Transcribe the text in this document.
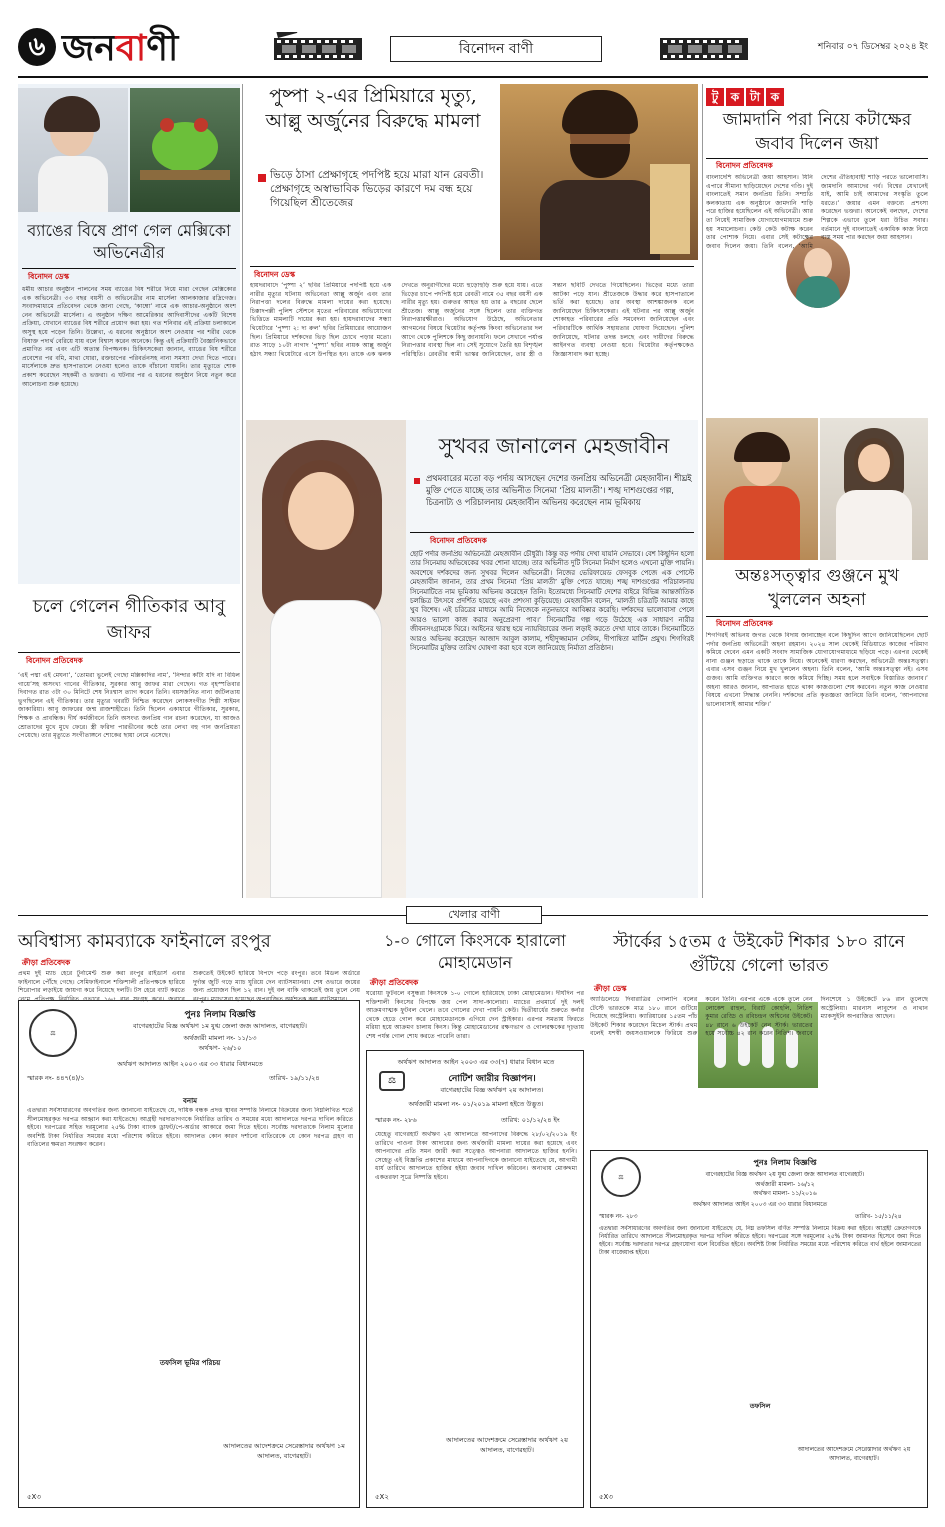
৬ জনবাণী	বিনোদন বাণী	শনিবার ০৭ ডিসেম্বর ২০২৪ ইং
ব্যাঙের বিষে প্রাণ গেল মেক্সিকো অভিনেত্রীর
বিনোদন ডেস্ক
ধর্মীয় আচার অনুষ্ঠান পালনের সময় ব্যাঙের বিষ শরীরে নিয়ে মারা গেছেন মেক্সিকোর এক অভিনেত্রী। ৩৩ বছর বয়সী ও অভিনেত্রীর নাম মার্সেলা আলকাজার রদ্রিগেজ। সংবাদমাধ্যমে প্রতিবেদন থেকে জানা গেছে, ‘কাম্বো’ নামে এক আচার-অনুষ্ঠানে অংশ নেন অভিনেত্রী মার্সেলা। এ অনুষ্ঠান দক্ষিণ আমেরিকার আদিবাসীদের একটি বিশেষ প্রক্রিয়া, যেখানে ব্যাঙের বিষ শরীরে প্রয়োগ করা হয়। গত শনিবার এই প্রক্রিয়া চলাকালে অসুস্থ হয়ে পড়েন তিনি। উল্লেখ্য, এ ধরনের অনুষ্ঠানে অংশ নেওয়ার পর শরীর থেকে বিষাক্ত পদার্থ বেরিয়ে যায় বলে বিশ্বাস করেন অনেকে। কিন্তু এই প্রক্রিয়াটি বৈজ্ঞানিকভাবে প্রমাণিত নয় এবং এটি অত্যন্ত বিপজ্জনক। চিকিৎসকেরা জানান, ব্যাঙের বিষ শরীরে প্রবেশের পর বমি, মাথা ঘোরা, রক্তচাপের পরিবর্তনসহ নানা সমস্যা দেখা দিতে পারে। মার্সেলাকে দ্রুত হাসপাতালে নেওয়া হলেও তাকে বাঁচানো যায়নি। তার মৃত্যুতে শোক প্রকাশ করেছেন সহকর্মী ও ভক্তরা। এ ঘটনার পর এ ধরনের অনুষ্ঠান নিয়ে নতুন করে আলোচনা শুরু হয়েছে।
চলে গেলেন গীতিকার আবু জাফর
বিনোদন প্রতিবেদক
‘এই পদ্মা এই মেঘনা’, ‘তোমরা ভুলেই গেছো মল্লিকাদির নাম’, ‘নিন্দার কাঁটা যদি না বিঁধিল গায়ে’সহ অসংখ্য গানের গীতিকার, সুরকার আবু জাফর মারা গেছেন। গত বৃহস্পতিবার দিবাগত রাত ৩টা ৩০ মিনিটে শেষ নিঃশ্বাস ত্যাগ করেন তিনি। বয়সজনিত নানা জটিলতায় ভুগছিলেন এই গীতিকার। তার মৃত্যুর খবরটি নিশ্চিত করেছেন লোকসংগীত শিল্পী সাইমন জাকারিয়া। আবু জাফরের জন্ম রাজশাহীতে। তিনি ছিলেন একাধারে গীতিকার, সুরকার, শিক্ষক ও প্রাবন্ধিক। দীর্ঘ কর্মজীবনে তিনি অসংখ্য জনপ্রিয় গান রচনা করেছেন, যা আজও শ্রোতাদের মুখে মুখে ফেরে। স্ত্রী ফরিদা পারভীনের কণ্ঠে তার লেখা বহু গান জনপ্রিয়তা পেয়েছে। তার মৃত্যুতে সংগীতাঙ্গনে শোকের ছায়া নেমে এসেছে।
পুষ্পা ২-এর প্রিমিয়ারে মৃত্যু, আল্লু অর্জুনের বিরুদ্ধে মামলা
ভিড়ে ঠাসা প্রেক্ষাগৃহে পদপিষ্ট হয়ে মারা যান রেবতী। প্রেক্ষাগৃহে অস্বাভাবিক ভিড়ের কারণে দম বন্ধ হয়ে গিয়েছিল শ্রীতেজের
বিনোদন ডেস্ক
হায়দরাবাদে ‘পুষ্পা ২’ ছবির প্রিমিয়ারে পদপিষ্ট হয়ে এক নারীর মৃত্যুর ঘটনায় অভিনেতা আল্লু অর্জুন এবং তার নিরাপত্তা দলের বিরুদ্ধে মামলা দায়ের করা হয়েছে। চিক্কাদপল্লী পুলিশ স্টেশনে মৃতের পরিবারের অভিযোগের ভিত্তিতে মামলাটি দায়ের করা হয়। হায়দরাবাদের সন্ধ্যা থিয়েটারে ‘পুষ্পা ২: দ্য রুল’ ছবির প্রিমিয়ারের আয়োজন ছিল। প্রিমিয়ারে দর্শকদের ভিড় ছিল চোখে পড়ার মতো। রাত সাড়ে ১০টা নাগাদ ‘পুষ্পা’ ছবির নায়ক আল্লু অর্জুন হঠাৎ সন্ধ্যা থিয়েটারে এসে উপস্থিত হন। তাকে এক ঝলক দেখতে অনুরাগীদের মধ্যে হুড়োহুড়ি শুরু হয়ে যায়। এতে ভিড়ের চাপে পদপিষ্ট হয়ে রেবতী নামে ৩৫ বছর বয়সী এক নারীর মৃত্যু হয়। গুরুতর আহত হয় তার ৯ বছরের ছেলে শ্রীতেজ। আল্লু অর্জুনের সঙ্গে ছিলেন তার ব্যক্তিগত নিরাপত্তারক্ষীরাও। অভিযোগ উঠেছে, অভিনেতার আগমনের বিষয়ে থিয়েটার কর্তৃপক্ষ কিংবা অভিনেতার দল আগে থেকে পুলিশকে কিছু জানায়নি। ফলে সেখানে পর্যাপ্ত নিরাপত্তার ব্যবস্থা ছিল না। সেই সুযোগে তৈরি হয় বিশৃঙ্খল পরিস্থিতি। রেবতীর স্বামী ভাস্কর জানিয়েছেন, তার স্ত্রী ও সন্তান ছবিটি দেখতে গিয়েছিলেন। ভিড়ের মধ্যে তারা আটকা পড়ে যান। শ্রীতেজকে উদ্ধার করে হাসপাতালে ভর্তি করা হয়েছে। তার অবস্থা আশঙ্কাজনক বলে জানিয়েছেন চিকিৎসকেরা। এই ঘটনার পর আল্লু অর্জুন শোকাহত পরিবারের প্রতি সমবেদনা জানিয়েছেন এবং পরিবারটিকে আর্থিক সহায়তার ঘোষণা দিয়েছেন। পুলিশ জানিয়েছে, ঘটনার তদন্ত চলছে এবং দায়ীদের বিরুদ্ধে আইনগত ব্যবস্থা নেওয়া হবে। থিয়েটার কর্তৃপক্ষকেও জিজ্ঞাসাবাদ করা হচ্ছে।
সুখবর জানালেন মেহজাবীন
প্রথমবারের মতো বড় পর্দায় আসছেন দেশের জনপ্রিয় অভিনেত্রী মেহজাবীন। শীঘ্রই মুক্তি পেতে যাচ্ছে তার অভিনীত সিনেমা ‘প্রিয় মালতী’। শঙ্খ দাশগুপ্তের গল্প, চিত্রনাট্য ও পরিচালনায় মেহজাবীন অভিনয় করেছেন নাম ভূমিকায়
বিনোদন প্রতিবেদক
ছোট পর্দার জনপ্রিয় অভিনেত্রী মেহজাবীন চৌধুরী। কিন্তু বড় পর্দায় দেখা যায়নি সেভাবে। বেশ কিছুদিন হলো তার সিনেমায় অভিষেকের খবর শোনা যাচ্ছে। তার অভিনীত দুটি সিনেমা নির্মাণ হলেও এখনো মুক্তি পায়নি। অবশেষে দর্শকদের জন্য সুখবর দিলেন অভিনেত্রী। নিজের ভেরিফায়েড ফেসবুক পেজে এক পোস্টে মেহজাবীন জানান, তার প্রথম সিনেমা ‘প্রিয় মালতী’ মুক্তি পেতে যাচ্ছে। শঙ্খ দাশগুপ্তের পরিচালনায় সিনেমাটিতে নাম ভূমিকায় অভিনয় করেছেন তিনি। ইতোমধ্যে সিনেমাটি দেশের বাইরে বিভিন্ন আন্তর্জাতিক চলচ্চিত্র উৎসবে প্রদর্শিত হয়েছে এবং প্রশংসা কুড়িয়েছে। মেহজাবীন বলেন, ‘মালতী চরিত্রটি আমার কাছে খুব বিশেষ। এই চরিত্রের মাধ্যমে আমি নিজেকে নতুনভাবে আবিষ্কার করেছি। দর্শকদের ভালোবাসা পেলে আরও ভালো কাজ করার অনুপ্রেরণা পাব।’ সিনেমাটির গল্প গড়ে উঠেছে এক সাধারণ নারীর জীবনসংগ্রামকে ঘিরে। আইনের দ্বারস্থ হয়ে ন্যায়বিচারের জন্য লড়াই করতে দেখা যাবে তাকে। সিনেমাটিতে আরও অভিনয় করেছেন আজাদ আবুল কালাম, শহীদুজ্জামান সেলিম, দীপান্বিতা মার্টিন প্রমুখ। শিগগিরই সিনেমাটির মুক্তির তারিখ ঘোষণা করা হবে বলে জানিয়েছে নির্মাতা প্রতিষ্ঠান।
টু ক টা ক
জামদানি পরা নিয়ে কটাক্ষের জবাব দিলেন জয়া
বিনোদন প্রতিবেদক
বাংলাদেশি অভিনেত্রী জয়া আহসান। যিনি এপারে সীমানা ছাড়িয়েছেন দেশের গণ্ডি। দুই বাংলাতেই সমান জনপ্রিয় তিনি। সম্প্রতি কলকাতায় এক অনুষ্ঠানে জামদানি শাড়ি পরে হাজির হয়েছিলেন এই অভিনেত্রী। আর তা নিয়েই সামাজিক যোগাযোগমাধ্যমে শুরু হয় সমালোচনা। কেউ কেউ কটাক্ষ করেন তার পোশাক নিয়ে। এবার সেই কটাক্ষের জবাব দিলেন জয়া। তিনি বলেন, ‘আমি দেশের ঐতিহ্যবাহী শাড়ি পরতে ভালোবাসি। জামদানি আমাদের গর্ব। বিশ্বের যেখানেই যাই, আমি চাই আমাদের সংস্কৃতি তুলে ধরতে।’ জয়ার এমন বক্তব্যে প্রশংসা করেছেন ভক্তরা। অনেকেই বলছেন, দেশের শিল্পকে এভাবে তুলে ধরা উচিত সবার। বর্তমানে দুই বাংলাতেই একাধিক কাজ নিয়ে ব্যস্ত সময় পার করছেন জয়া আহসান।
অন্তঃসত্ত্বার গুঞ্জনে মুখ খুললেন অহনা
বিনোদন প্রতিবেদক
শিগগিরই অভিনয় জগত থেকে বিদায় জানাচ্ছেন বলে কিছুদিন আগে জানিয়েছিলেন ছোট পর্দার জনপ্রিয় অভিনেত্রী অহনা রহমান। ২০২৪ সাল থেকেই মিডিয়াতে কাজের পরিমাণ কমিয়ে দেবেন এমন একটি সংবাদ সামাজিক যোগাযোগমাধ্যমে ছড়িয়ে পড়ে। এরপর থেকেই নানা গুঞ্জন ছড়াতে থাকে তাকে নিয়ে। অনেকেই ধারণা করছেন, অভিনেত্রী অন্তঃসত্ত্বা। এবার এসব গুঞ্জন নিয়ে মুখ খুললেন অহনা। তিনি বলেন, ‘আমি অন্তঃসত্ত্বা নই। এসব গুজব। আমি ব্যক্তিগত কারণে কাজ কমিয়ে দিচ্ছি। সময় হলে সবাইকে বিস্তারিত জানাব।’ অহনা আরও জানান, আপাতত হাতে থাকা কাজগুলো শেষ করবেন। নতুন কাজ নেওয়ার বিষয়ে এখনো সিদ্ধান্ত নেননি। দর্শকদের প্রতি কৃতজ্ঞতা জানিয়ে তিনি বলেন, ‘আপনাদের ভালোবাসাই আমার শক্তি।’
খেলার বাণী
অবিশ্বাস্য কামব্যাকে ফাইনালে রংপুর
ক্রীড়া প্রতিবেদক
প্রথম দুই ম্যাচ হেরে টুর্নামেন্ট শুরু করা রংপুর রাইডার্স এবার ফাইনালে পৌঁছে গেছে। সেমিফাইনালে শক্তিশালী প্রতিপক্ষকে হারিয়ে শিরোপার লড়াইয়ে জায়গা করে নিয়েছে দলটি। টস হেরে ব্যাট করতে নেমে প্রতিপক্ষ নির্ধারিত ওভারে ১৬৫ রান সংগ্রহ করে। জবাবে শুরুতেই উইকেট হারিয়ে বিপদে পড়ে রংপুর। তবে মিডল অর্ডারে দুর্দান্ত জুটি গড়ে ম্যাচ ঘুরিয়ে দেন ব্যাটসম্যানরা। শেষ ওভারে জয়ের জন্য প্রয়োজন ছিল ১২ রান। দুই বল বাকি থাকতেই জয় তুলে নেয় রংপুর। ম্যাচসেরা হয়েছেন অপরাজিত অর্ধশতক করা ব্যাটসম্যান।
১-০ গোলে কিংসকে হারালো মোহামেডান
ক্রীড়া প্রতিবেদক
ঘরোয়া ফুটবলে বসুন্ধরা কিংসকে ১-০ গোলে হারিয়েছে ঢাকা মোহামেডান। দীর্ঘদিন পর শক্তিশালী কিংসের বিপক্ষে জয় পেল সাদা-কালোরা। ম্যাচের প্রথমার্ধে দুই দলই আক্রমণাত্মক ফুটবল খেলে। তবে গোলের দেখা পায়নি কেউ। দ্বিতীয়ার্ধের শুরুতে কর্নার থেকে হেডে গোল করে মোহামেডানকে এগিয়ে দেন স্ট্রাইকার। এরপর সমতায় ফিরতে মরিয়া হয়ে আক্রমণ চালায় কিংস। কিন্তু মোহামেডানের রক্ষণভাগ ও গোলরক্ষকের দৃঢ়তায় শেষ পর্যন্ত গোল শোধ করতে পারেনি তারা।
স্টার্কের ১৫তম ৫ উইকেট শিকার ১৮০ রানে গুঁটিয়ে গেলো ভারত
ক্রীড়া ডেস্ক
অ্যাডিলেডে দিবারাত্রির গোলাপি বলের টেস্টে ভারতকে মাত্র ১৮০ রানে গুটিয়ে দিয়েছে অস্ট্রেলিয়া। ক্যারিয়ারের ১৫তম পাঁচ উইকেট শিকার করেছেন মিচেল স্টার্ক। প্রথম বলেই যশস্বী জয়সওয়ালকে ফিরিয়ে শুরু করেন তিনি। এরপর একে একে তুলে নেন লোকেশ রাহুল, বিরাট কোহলি, নিতিশ কুমার রেড্ডি ও রবিচন্দ্রন অশ্বিনের উইকেট। ৪৮ রানে ৬ উইকেট নেন স্টার্ক। ভারতের হয়ে সর্বোচ্চ ৪২ রান করেন নিতিশ। জবাবে দিনশেষে ১ উইকেটে ৮৬ রান তুলেছে অস্ট্রেলিয়া। মারনাস লাবুশেন ও নাথান ম্যাকসুইনি অপরাজিত আছেন।
⚖
পুনঃ নিলাম বিজ্ঞপ্তি
বাগেরহাটের বিজ্ঞ অর্থঋণ ১ম যুগ্ম জেলা জজ আদালত, বাগেরহাট।
অর্থজারী মামলা নং- ১১/১৩
অর্থঋণ- ২৬/১০
অর্থঋণ আদালত আইন ২০০৩ এর ৩৩ ধারার বিধানমতে
স্মারক নং- ৪৪৭(৪)/১	তারিখ- ১৯/১১/২৪
বনাম
এতদ্বারা সর্বসাধারণের অবগতির জন্য জানানো যাইতেছে যে, দায়িক বন্ধক প্রদত্ত স্থাবর সম্পত্তি নিলামে বিক্রয়ের জন্য নিম্নলিখিত শর্তে সীলমোহরকৃত দরপত্র আহ্বান করা যাইতেছে। আগ্রহী দরদাতাগণকে নির্ধারিত তারিখ ও সময়ের মধ্যে আদালতে দরপত্র দাখিল করিতে হইবে। দরপত্রের সহিত দরমূল্যের ২৫% টাকা ব্যাংক ড্রাফট/পে-অর্ডার আকারে জমা দিতে হইবে। সর্বোচ্চ দরদাতাকে নিলাম মূল্যের অবশিষ্ট টাকা নির্ধারিত সময়ের মধ্যে পরিশোধ করিতে হইবে। আদালত কোন কারণ দর্শানো ব্যতিরেকে যে কোন দরপত্র গ্রহণ বা বাতিলের ক্ষমতা সংরক্ষণ করেন।
তফসিল ভূমির পরিচয়
আদালতের আদেশক্রমে সেরেস্তাদার অর্থঋণ ১ম আদালত, বাগেরহাট।
৫X৩
অর্থঋণ আদালত আইন ২০০৩ এর ৩৩(৭) ধারার বিধান মতে
⚖	নোটিশ জারীর বিজ্ঞাপন।
বাগেরহাটের বিজ্ঞ অর্থঋণ ২য় আদালত।
অর্থজারী মামলা নং- ০১/২০১৯ মামলা হইতে উদ্ভূত।
স্মারক নং- ২৮৬	তারিখ: ০১/১২/২৪ ইং
যেহেতু বাগেরহাট অর্থঋণ ২য় আদালতে আপনাদের বিরুদ্ধে ২৮/০২/২০১৯ ইং তারিখে পাওনা টাকা আদায়ের জন্য অর্থজারী মামলা দায়ের করা হয়েছে এবং আপনাদের প্রতি সমন জারী করা সত্ত্বেও আপনারা আদালতে হাজির হননি। সেহেতু এই বিজ্ঞপ্তি প্রকাশের মাধ্যমে আপনাদিগকে জানানো যাইতেছে যে, আগামী ধার্য তারিখে আদালতে হাজির হইয়া জবাব দাখিল করিবেন। অন্যথায় মোকদ্দমা একতরফা সূত্রে নিষ্পত্তি হইবে।
আদালতের আদেশক্রমে সেরেস্তাদার অর্থঋণ ২য় আদালত, বাগেরহাট।
৫X২
⚖
পুনঃ নিলাম বিজ্ঞপ্তি
বাগেরহাটের বিজ্ঞ অর্থঋণ ২য় যুগ্ম জেলা জজ আদালত বাগেরহাট।
অর্থজারী মামলা- ১৬/১২
অর্থঋণ মামলা- ১১/২০১৬
অর্থঋণ আদালত আইন ২০০৩ এর ৩৩ ধারার বিধানমতে
স্মারক নং- ২৮৩	তারিখ- ১৫/১১/২৪
এতদ্বারা সর্বসাধারণের অবগতির জন্য জানানো যাইতেছে যে, নিম্ন তফসিল বর্ণিত সম্পত্তি নিলামে বিক্রয় করা হইবে। আগ্রহী ক্রেতাগণকে নির্ধারিত তারিখে আদালতে সীলমোহরকৃত দরপত্র দাখিল করিতে হইবে। দরপত্রের সঙ্গে দরমূল্যের ২৫% টাকা জামানত হিসেবে জমা দিতে হইবে। সর্বোচ্চ দরদাতার দরপত্র গ্রহণযোগ্য বলে বিবেচিত হইবে। অবশিষ্ট টাকা নির্ধারিত সময়ের মধ্যে পরিশোধ করিতে ব্যর্থ হইলে জামানতের টাকা বাজেয়াপ্ত হইবে।
তফসিল
আদালতের আদেশক্রমে সেরেস্তাদার অর্থঋণ ২য় আদালত, বাগেরহাট।
৫X৩
